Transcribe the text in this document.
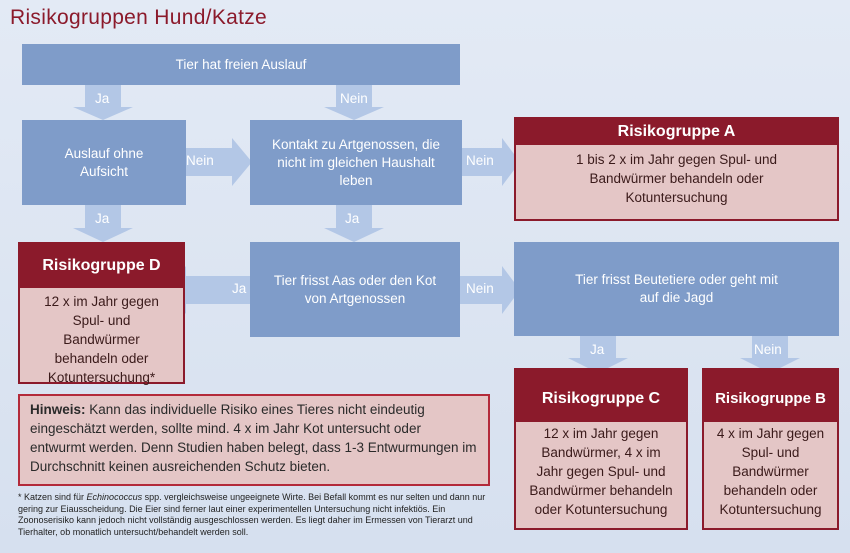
Risikogruppen Hund/Katze
Tier hat freien Auslauf
Auslauf ohne Aufsicht
Kontakt zu Artgenossen, die nicht im gleichen Haushalt leben
Tier frisst Aas oder den Kot von Artgenossen
Tier frisst Beutetiere oder geht mit auf die Jagd
Ja	Nein
Nein	Nein
Ja	Ja
Ja	Nein
Ja	Nein
Risikogruppe A
1 bis 2 x im Jahr gegen Spul- und Bandwürmer behandeln oder Kotuntersuchung
Risikogruppe D
12 x im Jahr gegen Spul- und Bandwürmer behandeln oder Kotuntersuchung*
Risikogruppe C
12 x im Jahr gegen Bandwürmer, 4 x im Jahr gegen Spul- und Bandwürmer behandeln oder Kotuntersuchung
Risikogruppe B
4 x im Jahr gegen Spul- und Bandwürmer behandeln oder Kotuntersuchung
Hinweis: Kann das individuelle Risiko eines Tieres nicht eindeutig eingeschätzt werden, sollte mind. 4 x im Jahr Kot untersucht oder entwurmt werden. Denn Studien haben belegt, dass 1-3 Entwurmungen im Durchschnitt keinen ausreichenden Schutz bieten.
* Katzen sind für Echinococcus spp. vergleichsweise ungeeignete Wirte. Bei Befall kommt es nur selten und dann nur gering zur Eiausscheidung. Die Eier sind ferner laut einer experimentellen Untersuchung nicht infektiös. Ein Zoonoserisiko kann jedoch nicht vollständig ausgeschlossen werden. Es liegt daher im Ermessen von Tierarzt und Tierhalter, ob monatlich untersucht/behandelt werden soll.
